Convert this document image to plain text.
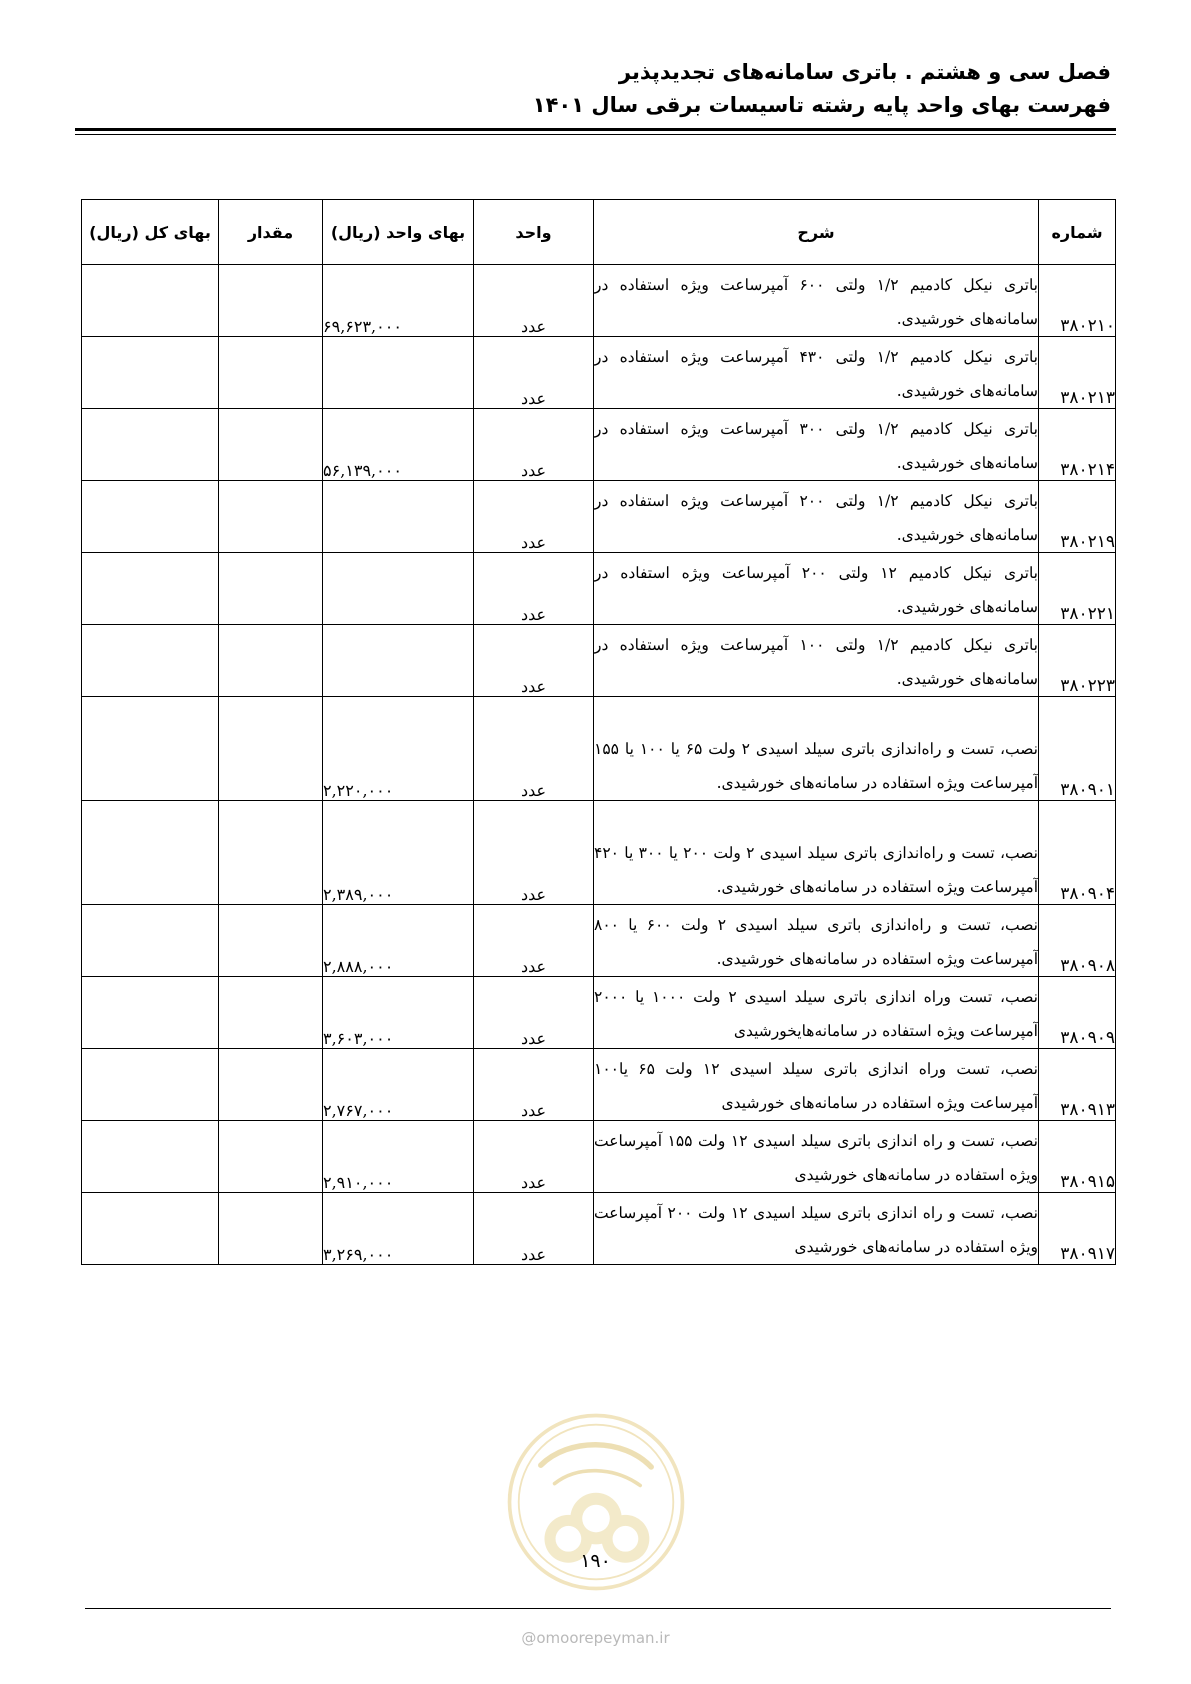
فصل سی و هشتم . باتری سامانه‌های تجدیدپذیر
فهرست بهای واحد پایه رشته تاسیسات برقی سال ۱۴۰۱
شماره	شرح	واحد	بهای واحد (ریال)	مقدار	بهای کل (ریال)
۳۸۰۲۱۰	باتری نیکل کادمیم ۱/۲ ولتی ۶۰۰ آمپرساعت ویژه استفاده در سامانه‌های خورشیدی.	عدد	۶۹,۶۲۳,۰۰۰		
۳۸۰۲۱۳	باتری نیکل کادمیم ۱/۲ ولتی ۴۳۰ آمپرساعت ویژه استفاده در سامانه‌های خورشیدی.	عدد			
۳۸۰۲۱۴	باتری نیکل کادمیم ۱/۲ ولتی ۳۰۰ آمپرساعت ویژه استفاده در سامانه‌های خورشیدی.	عدد	۵۶,۱۳۹,۰۰۰		
۳۸۰۲۱۹	باتری نیکل کادمیم ۱/۲ ولتی ۲۰۰ آمپرساعت ویژه استفاده در سامانه‌های خورشیدی.	عدد			
۳۸۰۲۲۱	باتری نیکل کادمیم ۱۲ ولتی ۲۰۰ آمپرساعت ویژه استفاده در سامانه‌های خورشیدی.	عدد			
۳۸۰۲۲۳	باتری نیکل کادمیم ۱/۲ ولتی ۱۰۰ آمپرساعت ویژه استفاده در سامانه‌های خورشیدی.	عدد			
۳۸۰۹۰۱	نصب، تست و راه‌اندازی باتری سیلد اسیدی ۲ ولت ۶۵ یا ۱۰۰ یا ۱۵۵ آمپرساعت ویژه استفاده در سامانه‌های خورشیدی.	عدد	۲,۲۲۰,۰۰۰		
۳۸۰۹۰۴	نصب، تست و راه‌اندازی باتری سیلد اسیدی ۲ ولت ۲۰۰ یا ۳۰۰ یا ۴۲۰ آمپرساعت ویژه استفاده در سامانه‌های خورشیدی.	عدد	۲,۳۸۹,۰۰۰		
۳۸۰۹۰۸	نصب، تست و راه‌اندازی باتری سیلد اسیدی ۲ ولت ۶۰۰ یا ۸۰۰ آمپرساعت ویژه استفاده در سامانه‌های خورشیدی.	عدد	۲,۸۸۸,۰۰۰		
۳۸۰۹۰۹	نصب، تست وراه اندازی باتری سیلد اسیدی ۲ ولت ۱۰۰۰ یا ۲۰۰۰ آمپرساعت ویژه استفاده در سامانه‌هایخورشیدی	عدد	۳,۶۰۳,۰۰۰		
۳۸۰۹۱۳	نصب، تست وراه اندازی باتری سیلد اسیدی ۱۲ ولت ۶۵ یا۱۰۰ آمپرساعت ویژه استفاده در سامانه‌های خورشیدی	عدد	۲,۷۶۷,۰۰۰		
۳۸۰۹۱۵	نصب، تست و راه اندازی باتری سیلد اسیدی ۱۲ ولت ۱۵۵ آمپرساعت ویژه استفاده در سامانه‌های خورشیدی	عدد	۲,۹۱۰,۰۰۰		
۳۸۰۹۱۷	نصب، تست و راه اندازی باتری سیلد اسیدی ۱۲ ولت ۲۰۰ آمپرساعت ویژه استفاده در سامانه‌های خورشیدی	عدد	۳,۲۶۹,۰۰۰		
۱۹۰
@omoorepeyman.ir
